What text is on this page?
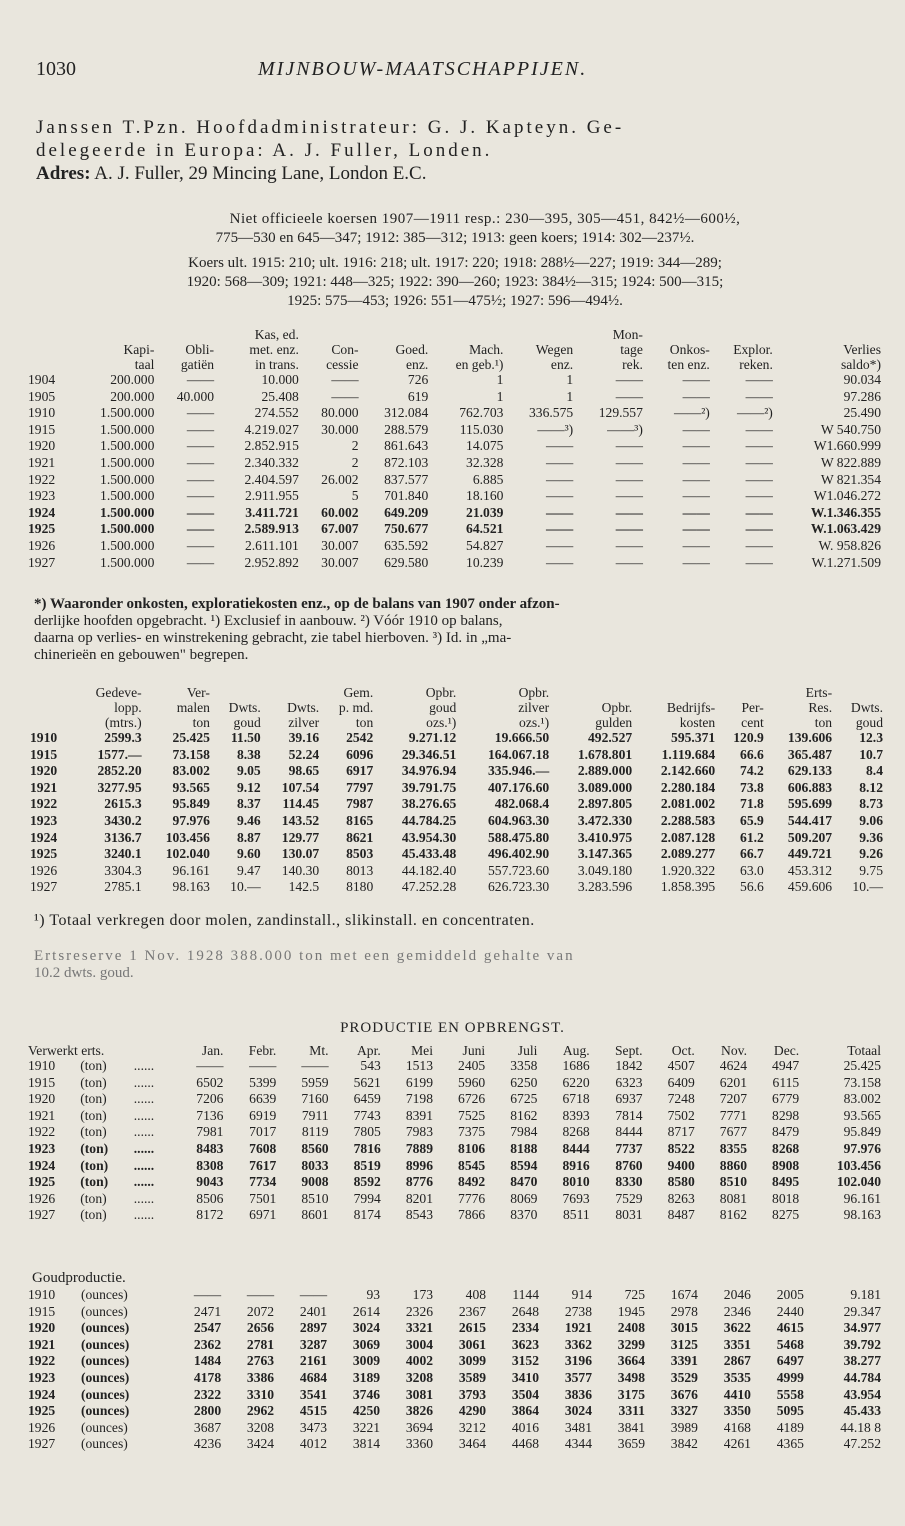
1030	MIJNBOUW-MAATSCHAPPIJEN.
Janssen T.Pzn. Hoofdadministrateur: G. J. Kapteyn. Ge-
delegeerde in Europa: A. J. Fuller, Londen.
Adres: A. J. Fuller, 29 Mincing Lane, London E.C.
Niet officieele koersen 1907—1911 resp.: 230—395, 305—451, 842½—600½,
775—530 en 645—347; 1912: 385—312; 1913: geen koers; 1914: 302—237½.
Koers ult. 1915: 210; ult. 1916: 218; ult. 1917: 220; 1918: 288½—227; 1919: 344—289;
1920: 568—309; 1921: 448—325; 1922: 390—260; 1923: 384½—315; 1924: 500—315;
1925: 575—453; 1926: 551—475½; 1927: 596—494½.
			Kas, ed.					Mon-			
	Kapi-	Obli-	met. enz.	Con-	Goed.	Mach.	Wegen	tage	Onkos-	Explor.	Verlies
	taal	gatiën	in trans.	cessie	enz.	en geb.¹)	enz.	rek.	ten enz.	reken.	saldo*)
1904	200.000	——	10.000	——	726	1	1	——	——	——	90.034
1905	200.000	40.000	25.408	——	619	1	1	——	——	——	97.286
1910	1.500.000	——	274.552	80.000	312.084	762.703	336.575	129.557	——²)	——²)	25.490
1915	1.500.000	——	4.219.027	30.000	288.579	115.030	——³)	——³)	——	——	W 540.750
1920	1.500.000	——	2.852.915	2	861.643	14.075	——	——	——	——	W1.660.999
1921	1.500.000	——	2.340.332	2	872.103	32.328	——	——	——	——	W 822.889
1922	1.500.000	——	2.404.597	26.002	837.577	6.885	——	——	——	——	W 821.354
1923	1.500.000	——	2.911.955	5	701.840	18.160	——	——	——	——	W1.046.272
1924	1.500.000	——	3.411.721	60.002	649.209	21.039	——	——	——	——	W.1.346.355
1925	1.500.000	——	2.589.913	67.007	750.677	64.521	——	——	——	——	W.1.063.429
1926	1.500.000	——	2.611.101	30.007	635.592	54.827	——	——	——	——	W. 958.826
1927	1.500.000	——	2.952.892	30.007	629.580	10.239	——	——	——	——	W.1.271.509
*) Waaronder onkosten, exploratiekosten enz., op de balans van 1907 onder afzon-
derlijke hoofden opgebracht. ¹) Exclusief in aanbouw. ²) Vóór 1910 op balans,
daarna op verlies- en winstrekening gebracht, zie tabel hierboven. ³) Id. in „ma-
chinerieën en gebouwen" begrepen.
	Gedeve-	Ver-			Gem.	Opbr.	Opbr.				Erts-	
	lopp.	malen	Dwts.	Dwts.	p. md.	goud	zilver	Opbr.	Bedrijfs-	Per-	Res.	Dwts.
	(mtrs.)	ton	goud	zilver	ton	ozs.¹)	ozs.¹)	gulden	kosten	cent	ton	goud
1910	2599.3	25.425	11.50	39.16	2542	9.271.12	19.666.50	492.527	595.371	120.9	139.606	12.3
1915	1577.—	73.158	8.38	52.24	6096	29.346.51	164.067.18	1.678.801	1.119.684	66.6	365.487	10.7
1920	2852.20	83.002	9.05	98.65	6917	34.976.94	335.946.—	2.889.000	2.142.660	74.2	629.133	8.4
1921	3277.95	93.565	9.12	107.54	7797	39.791.75	407.176.60	3.089.000	2.280.184	73.8	606.883	8.12
1922	2615.3	95.849	8.37	114.45	7987	38.276.65	482.068.4	2.897.805	2.081.002	71.8	595.699	8.73
1923	3430.2	97.976	9.46	143.52	8165	44.784.25	604.963.30	3.472.330	2.288.583	65.9	544.417	9.06
1924	3136.7	103.456	8.87	129.77	8621	43.954.30	588.475.80	3.410.975	2.087.128	61.2	509.207	9.36
1925	3240.1	102.040	9.60	130.07	8503	45.433.48	496.402.90	3.147.365	2.089.277	66.7	449.721	9.26
1926	3304.3	96.161	9.47	140.30	8013	44.182.40	557.723.60	3.049.180	1.920.322	63.0	453.312	9.75
1927	2785.1	98.163	10.—	142.5	8180	47.252.28	626.723.30	3.283.596	1.858.395	56.6	459.606	10.—
¹) Totaal verkregen door molen, zandinstall., slikinstall. en concentraten.
Ertsreserve 1 Nov. 1928 388.000 ton met een gemiddeld gehalte van
10.2 dwts. goud.
PRODUCTIE EN OPBRENGST.
Verwerkt erts.			Jan.	Febr.	Mt.	Apr.	Mei	Juni	Juli	Aug.	Sept.	Oct.	Nov.	Dec.	Totaal
1910	(ton)	......	——	——	——	543	1513	2405	3358	1686	1842	4507	4624	4947	25.425
1915	(ton)	......	6502	5399	5959	5621	6199	5960	6250	6220	6323	6409	6201	6115	73.158
1920	(ton)	......	7206	6639	7160	6459	7198	6726	6725	6718	6937	7248	7207	6779	83.002
1921	(ton)	......	7136	6919	7911	7743	8391	7525	8162	8393	7814	7502	7771	8298	93.565
1922	(ton)	......	7981	7017	8119	7805	7983	7375	7984	8268	8444	8717	7677	8479	95.849
1923	(ton)	......	8483	7608	8560	7816	7889	8106	8188	8444	7737	8522	8355	8268	97.976
1924	(ton)	......	8308	7617	8033	8519	8996	8545	8594	8916	8760	9400	8860	8908	103.456
1925	(ton)	......	9043	7734	9008	8592	8776	8492	8470	8010	8330	8580	8510	8495	102.040
1926	(ton)	......	8506	7501	8510	7994	8201	7776	8069	7693	7529	8263	8081	8018	96.161
1927	(ton)	......	8172	6971	8601	8174	8543	7866	8370	8511	8031	8487	8162	8275	98.163
Goudproductie.
1910	(ounces)	——	——	——	93	173	408	1144	914	725	1674	2046	2005	9.181
1915	(ounces)	2471	2072	2401	2614	2326	2367	2648	2738	1945	2978	2346	2440	29.347
1920	(ounces)	2547	2656	2897	3024	3321	2615	2334	1921	2408	3015	3622	4615	34.977
1921	(ounces)	2362	2781	3287	3069	3004	3061	3623	3362	3299	3125	3351	5468	39.792
1922	(ounces)	1484	2763	2161	3009	4002	3099	3152	3196	3664	3391	2867	6497	38.277
1923	(ounces)	4178	3386	4684	3189	3208	3589	3410	3577	3498	3529	3535	4999	44.784
1924	(ounces)	2322	3310	3541	3746	3081	3793	3504	3836	3175	3676	4410	5558	43.954
1925	(ounces)	2800	2962	4515	4250	3826	4290	3864	3024	3311	3327	3350	5095	45.433
1926	(ounces)	3687	3208	3473	3221	3694	3212	4016	3481	3841	3989	4168	4189	44.18 8
1927	(ounces)	4236	3424	4012	3814	3360	3464	4468	4344	3659	3842	4261	4365	47.252
